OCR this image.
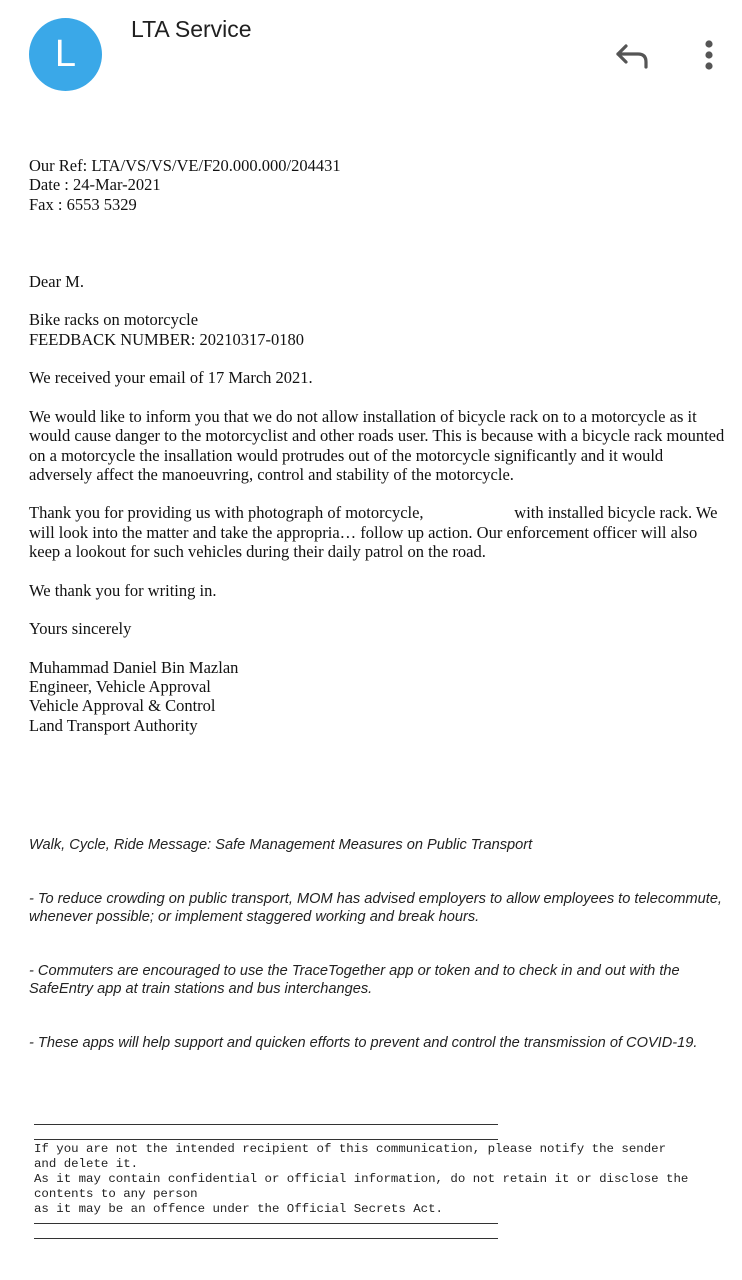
L
LTA Service

Our Ref: LTA/VS/VS/VE/F20.000.000/204431

Date : 24-Mar-2021

Fax : 6553 5329

Dear M.

Bike racks on motorcycle

FEEDBACK NUMBER: 20210317-0180

We received your email of 17 March 2021.

We would like to inform you that we do not allow installation of bicycle rack on to a motorcycle as it would cause danger to the motorcyclist and other roads user. This is because with a bicycle rack mounted on a motorcycle the insallation would protrudes out of the motorcycle significantly and it would adversely affect the manoeuvring, control and stability of the motorcycle.

Thank you for providing us with photograph of motorcycle,                      with installed bicycle rack. We will look into the matter and take the appropria… follow up action. Our enforcement officer will also keep a lookout for such vehicles during their daily patrol on the road.

We thank you for writing in.

Yours sincerely

Muhammad Daniel Bin Mazlan

Engineer, Vehicle Approval

Vehicle Approval & Control

Land Transport Authority

Walk, Cycle, Ride Message: Safe Management Measures on Public Transport

- To reduce crowding on public transport, MOM has advised employers to allow employees to telecommute, whenever possible; or implement staggered working and break hours.

- Commuters are encouraged to use the TraceTogether app or token and to check in and out with the SafeEntry app at train stations and bus interchanges.

- These apps will help support and quicken efforts to prevent and control the transmission of COVID-19.

If you are not the intended recipient of this communication, please notify the sender

and delete it.

As it may contain confidential or official information, do not retain it or disclose the

contents to any person

as it may be an offence under the Official Secrets Act.
